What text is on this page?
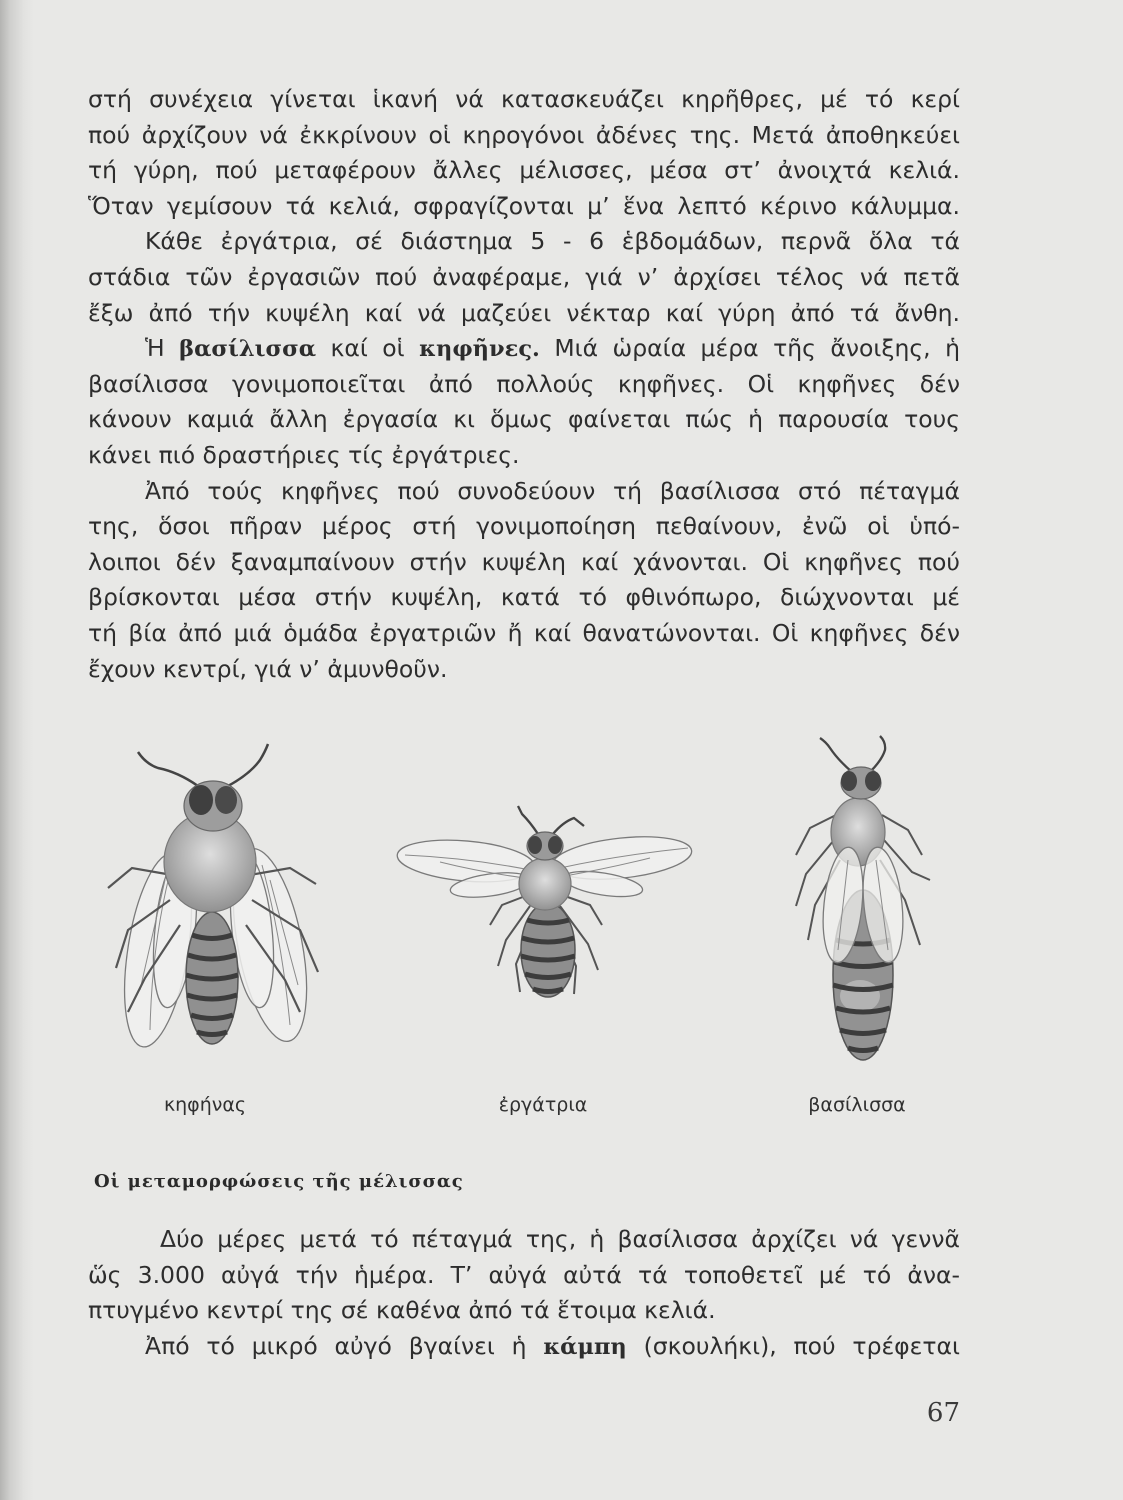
στή συνέχεια γίνεται ἱκανή νά κατασκευάζει κηρῆθρες, μέ τό κερί
πού ἀρχίζουν νά ἐκκρίνουν οἱ κηρογόνοι ἀδένες της. Μετά ἀποθηκεύει
τή γύρη, πού μεταφέρουν ἄλλες μέλισσες, μέσα στ’ ἀνοιχτά κελιά.
Ὅταν γεμίσουν τά κελιά, σφραγίζονται μ’ ἕνα λεπτό κέρινο κάλυμμα.
Κάθε ἐργάτρια, σέ διάστημα 5 - 6 ἑβδομάδων, περνᾶ ὅλα τά
στάδια τῶν ἐργασιῶν πού ἀναφέραμε, γιά ν’ ἀρχίσει τέλος νά πετᾶ
ἔξω ἀπό τήν κυψέλη καί νά μαζεύει νέκταρ καί γύρη ἀπό τά ἄνθη.
Ἡ βασίλισσα καί οἱ κηφῆνες. Μιά ὡραία μέρα τῆς ἄνοιξης, ἡ
βασίλισσα γονιμοποιεῖται ἀπό πολλούς κηφῆνες. Οἱ κηφῆνες δέν
κάνουν καμιά ἄλλη ἐργασία κι ὅμως φαίνεται πώς ἡ παρουσία τους
κάνει πιό δραστήριες τίς ἐργάτριες.
Ἀπό τούς κηφῆνες πού συνοδεύουν τή βασίλισσα στό πέταγμά
της, ὅσοι πῆραν μέρος στή γονιμοποίηση πεθαίνουν, ἐνῶ οἱ ὑπό-
λοιποι δέν ξαναμπαίνουν στήν κυψέλη καί χάνονται. Οἱ κηφῆνες πού
βρίσκονται μέσα στήν κυψέλη, κατά τό φθινόπωρο, διώχνονται μέ
τή βία ἀπό μιά ὁμάδα ἐργατριῶν ἤ καί θανατώνονται. Οἱ κηφῆνες δέν
ἔχουν κεντρί, γιά ν’ ἀμυνθοῦν.
κηφήνας	ἐργάτρια	βασίλισσα
Οἱ μεταμορφώσεις τῆς μέλισσας
Δύο μέρες μετά τό πέταγμά της, ἡ βασίλισσα ἀρχίζει νά γεννᾶ
ὥς 3.000 αὐγά τήν ἡμέρα. Τ’ αὐγά αὐτά τά τοποθετεῖ μέ τό ἀνα-
πτυγμένο κεντρί της σέ καθένα ἀπό τά ἕτοιμα κελιά.
Ἀπό τό μικρό αὐγό βγαίνει ἡ κάμπη (σκουλήκι), πού τρέφεται
67
